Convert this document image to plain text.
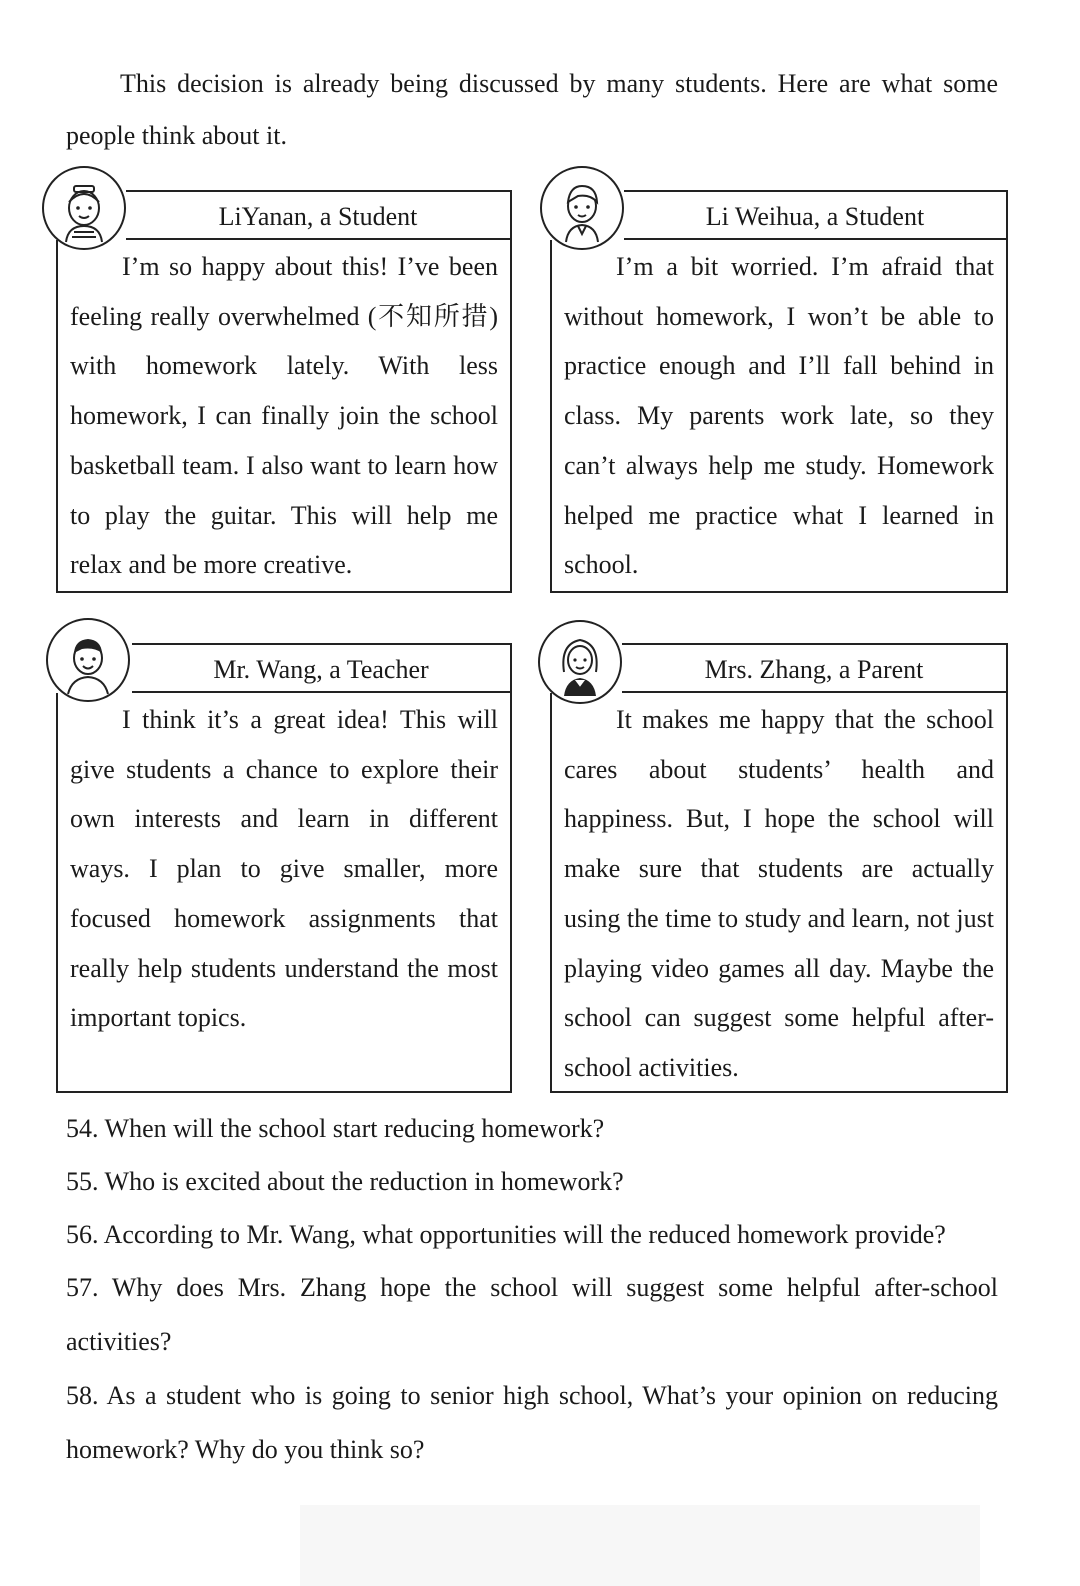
This decision is already being discussed by many students. Here are what some people think about it.

LiYanan, a Student

I’m so happy about this! I’ve been feeling really overwhelmed (不知所措) with homework lately. With less homework, I can finally join the school basketball team. I also want to learn how to play the guitar. This will help me relax and be more creative.

Li Weihua, a Student

I’m a bit worried. I’m afraid that without homework, I won’t be able to practice enough and I’ll fall behind in class. My parents work late, so they can’t always help me study. Homework helped me practice what I learned in school.

Mr. Wang, a Teacher

I think it’s a great idea! This will give students a chance to explore their own interests and learn in different ways. I plan to give smaller, more focused homework assignments that really help students understand the most important topics.

Mrs. Zhang, a Parent

It makes me happy that the school cares about students’ health and happiness. But, I hope the school will make sure that students are actually using the time to study and learn, not just playing video games all day. Maybe the school can suggest some helpful after-school activities.

54. When will the school start reducing homework?

55. Who is excited about the reduction in homework?

56. According to Mr. Wang, what opportunities will the reduced homework provide?

57. Why does Mrs. Zhang hope the school will suggest some helpful after-school activities?

58. As a student who is going to senior high school, What’s your opinion on reducing homework? Why do you think so?
